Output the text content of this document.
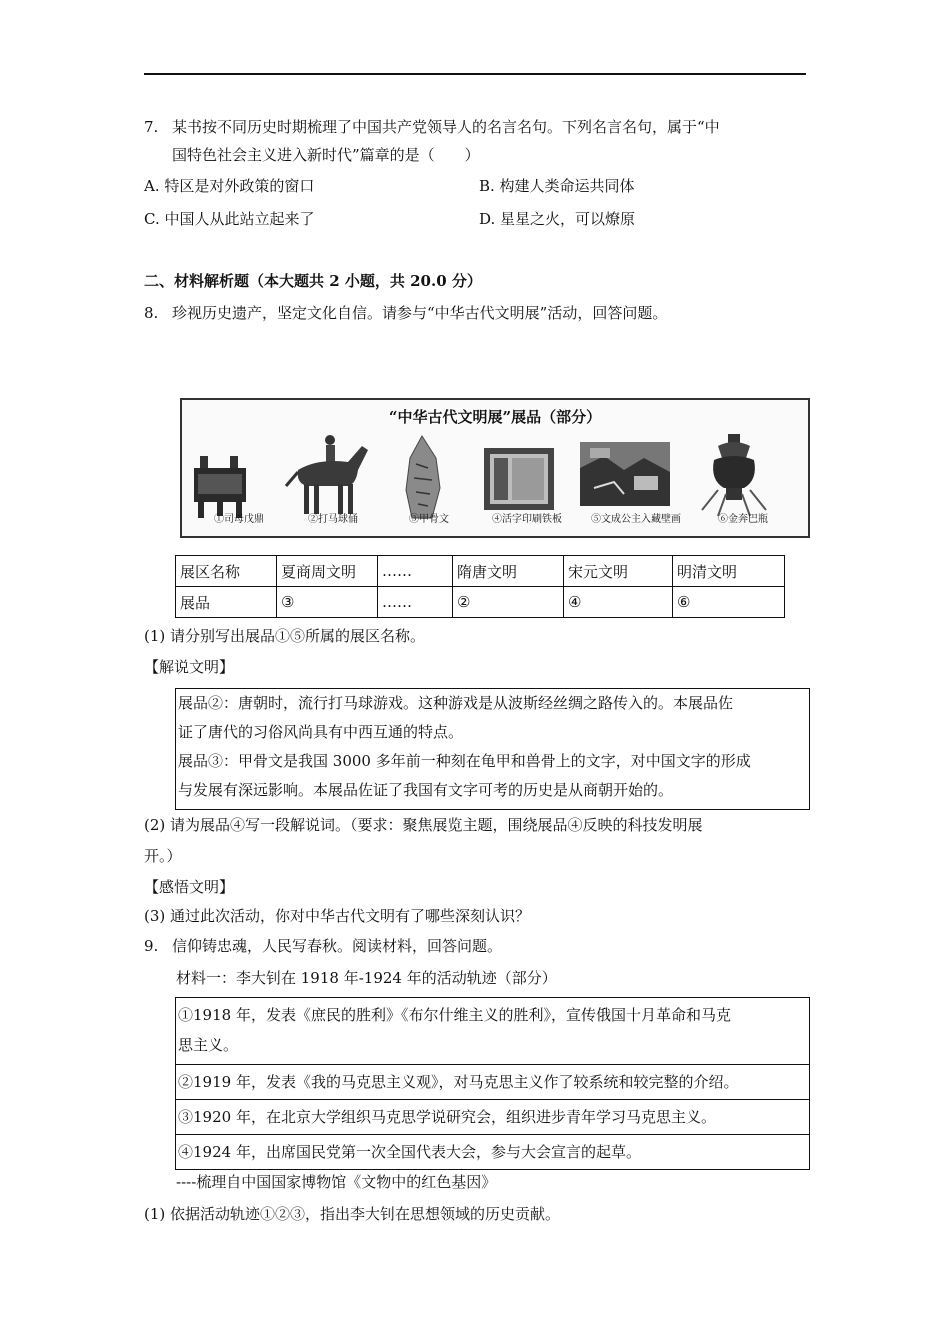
7. 某书按不同历史时期梳理了中国共产党领导人的名言名句。下列名言名句，属于“中
国特色社会主义进入新时代”篇章的是（　　）
A. 特区是对外政策的窗口	B. 构建人类命运共同体
C. 中国人从此站立起来了	D. 星星之火，可以燎原
二、材料解析题（本大题共 2 小题，共 20.0 分）
8. 珍视历史遗产，坚定文化自信。请参与“中华古代文明展”活动，回答问题。
“中华古代文明展”展品（部分）
①司母戊鼎	②打马球俑	③甲骨文	④活字印刷铁板	⑤文成公主入藏壁画	⑥金奔巴瓶
展区名称	夏商周文明	……	隋唐文明	宋元文明	明清文明
展品	③	……	②	④	⑥
(1) 请分别写出展品①⑤所属的展区名称。
【解说文明】

展品②：唐朝时，流行打马球游戏。这种游戏是从波斯经丝绸之路传入的。本展品佐

证了唐代的习俗风尚具有中西互通的特点。

展品③：甲骨文是我国 3000 多年前一种刻在龟甲和兽骨上的文字，对中国文字的形成

与发展有深远影响。本展品佐证了我国有文字可考的历史是从商朝开始的。

(2) 请为展品④写一段解说词。（要求：聚焦展览主题，围绕展品④反映的科技发明展
开。）
【感悟文明】
(3) 通过此次活动，你对中华古代文明有了哪些深刻认识？
9. 信仰铸忠魂，人民写春秋。阅读材料，回答问题。
材料一：李大钊在 1918 年-1924 年的活动轨迹（部分）
①1918 年，发表《庶民的胜利》《布尔什维主义的胜利》，宣传俄国十月革命和马克
思主义。
②1919 年，发表《我的马克思主义观》，对马克思主义作了较系统和较完整的介绍。
③1920 年，在北京大学组织马克思学说研究会，组织进步青年学习马克思主义。
④1924 年，出席国民党第一次全国代表大会，参与大会宣言的起草。
----梳理自中国国家博物馆《文物中的红色基因》
(1) 依据活动轨迹①②③，指出李大钊在思想领域的历史贡献。
